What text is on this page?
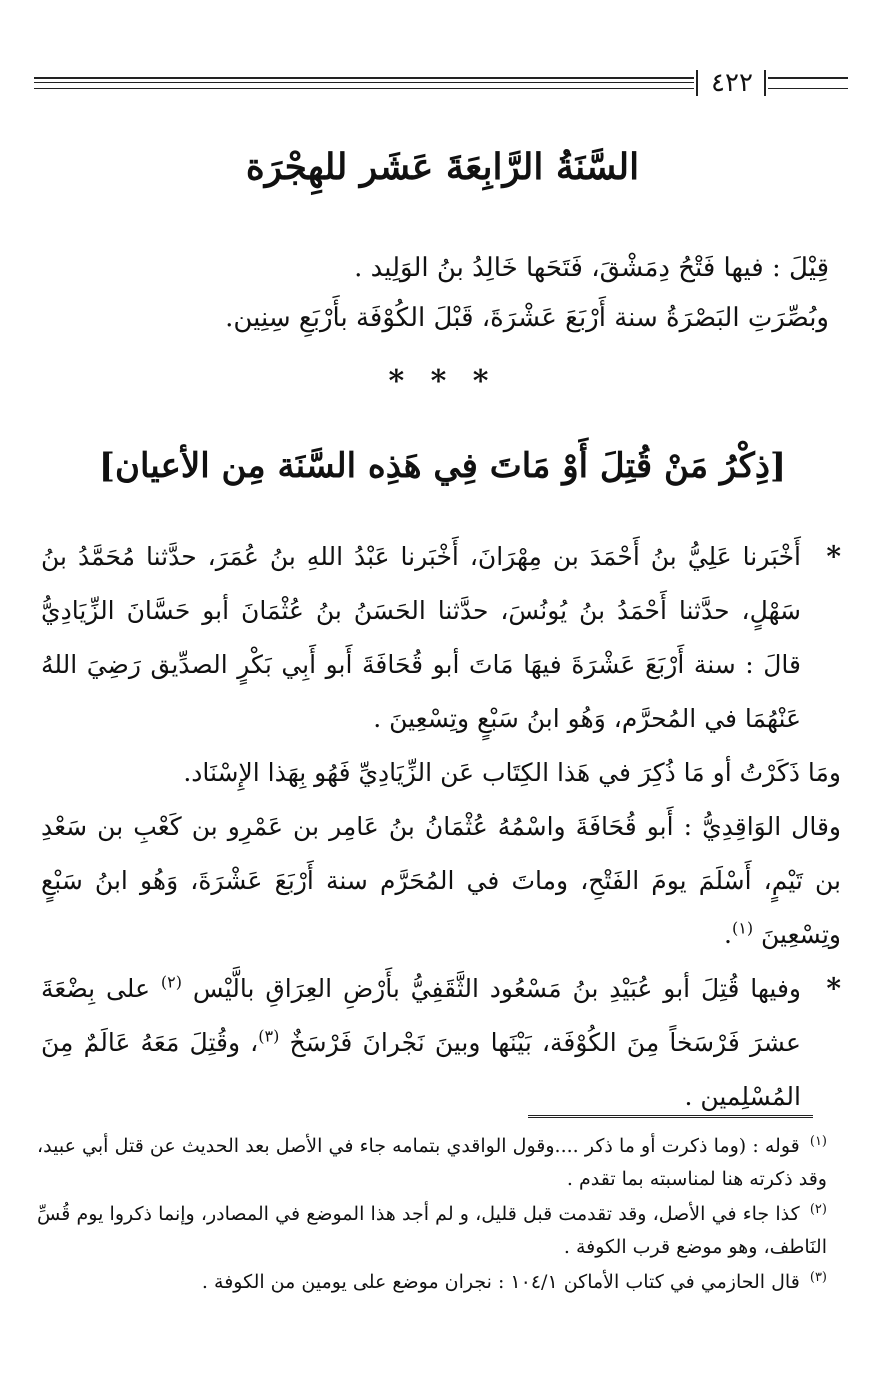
٤٢٢
السَّنَةُ الرَّابِعَةَ عَشَر للهِجْرَة

قِيْلَ : فيها فَتْحُ دِمَشْقَ، فَتَحَها خَالِدُ بنُ الوَلِيد .

وبُصِّرَتِ البَصْرَةُ سنة أَرْبَعَ عَشْرَةَ، قَبْلَ الكُوْفَة بأَرْبَعِ سِنِين.

* * *
[ذِكْرُ مَنْ قُتِلَ أَوْ مَاتَ فِي هَذِه السَّنَة مِن الأعيان]

*
أَخْبَرنا عَلِيُّ بنُ أَحْمَدَ بن مِهْرَانَ، أَخْبَرنا عَبْدُ اللهِ بنُ عُمَرَ، حدَّثنا مُحَمَّدُ بنُ سَهْلٍ، حدَّثنا أَحْمَدُ بنُ يُونُسَ، حدَّثنا الحَسَنُ بنُ عُثْمَانَ أبو حَسَّانَ الزِّيَادِيُّ قالَ : سنة أَرْبَعَ عَشْرَةَ فيهَا مَاتَ أبو قُحَافَةَ أَبو أَبِي بَكْرٍ الصدِّيق رَضِيَ اللهُ عَنْهُمَا في المُحرَّم، وَهُو ابنُ سَبْعٍ وتِسْعِينَ .

ومَا ذَكَرْتُ أو مَا ذُكِرَ في هَذا الكِتَاب عَن الزِّيَادِيِّ فَهُو بِهَذا الإِسْنَاد.

وقال الوَاقِدِيُّ : أَبو قُحَافَةَ واسْمُهُ عُثْمَانُ بنُ عَامِر بن عَمْرِو بن كَعْبِ بن سَعْدِ بن تَيْمٍ، أَسْلَمَ يومَ الفَتْحِ، وماتَ في المُحَرَّم سنة أَرْبَعَ عَشْرَةَ، وَهُو ابنُ سَبْعٍ وتِسْعِينَ $^{(١)}$.

*
وفيها قُتِلَ أبو عُبَيْدِ بنُ مَسْعُود الثَّقَفِيُّ بأَرْضِ العِرَاقِ بالَّيْس $^{(٢)}$ على بِضْعَةَ عشرَ فَرْسَخاً مِنَ الكُوْفَة، بَيْنَها وبينَ نَجْرانَ فَرْسَخٌ $^{(٣)}$، وقُتِلَ مَعَهُ عَالَمٌ مِنَ المُسْلِمين .

$^{(١)}$ قوله : (وما ذكرت أو ما ذكر ....وقول الواقدي بتمامه جاء في الأصل بعد الحديث عن قتل أبي عبيد، وقد ذكرته هنا لمناسبته بما تقدم .

$^{(٢)}$ كذا جاء في الأصل، وقد تقدمت قبل قليل، و لم أجد هذا الموضع في المصادر، وإنما ذكروا يوم قُسِّ النَاطف، وهو موضع قرب الكوفة .

$^{(٣)}$ قال الحازمي في كتاب الأماكن ١٠٤/١ : نجران موضع على يومين من الكوفة .
